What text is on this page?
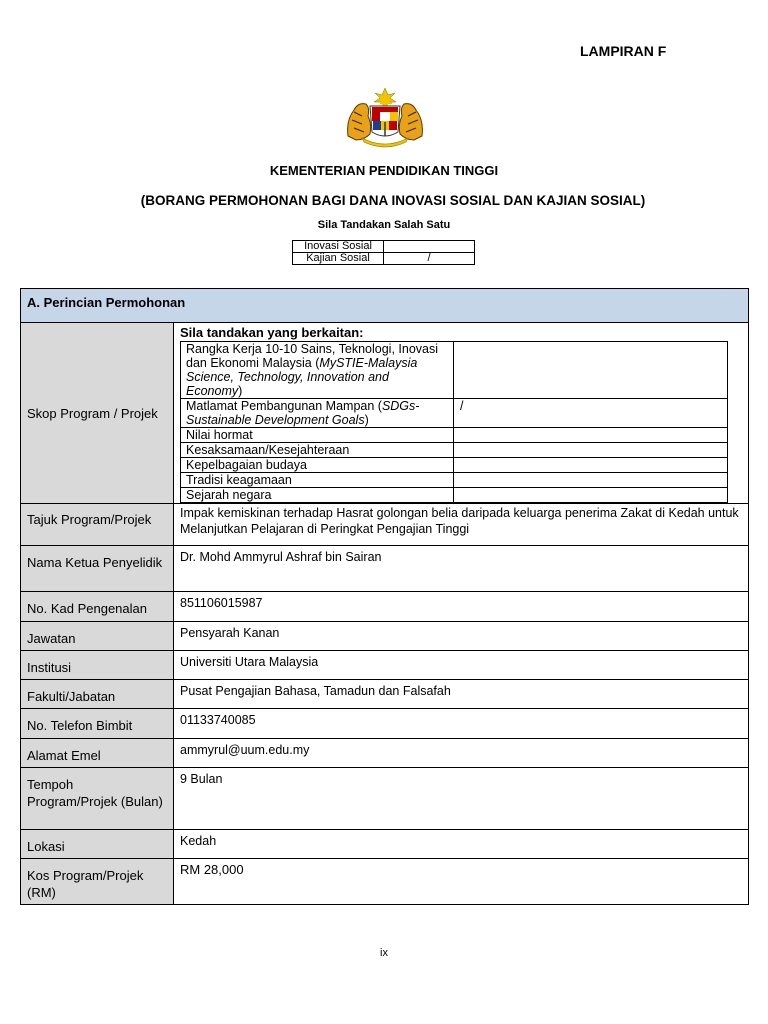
LAMPIRAN F
KEMENTERIAN PENDIDIKAN TINGGI
(BORANG PERMOHONAN BAGI DANA INOVASI SOSIAL DAN KAJIAN SOSIAL)
Sila Tandakan Salah Satu
Inovasi Sosial	
Kajian Sosial	/
A. Perincian Permohonan
Skop Program / Projek	
Sila tandakan yang berkaitan:
Rangka Kerja 10-10 Sains, Teknologi, Inovasi dan Ekonomi Malaysia (MySTIE-Malaysia Science, Technology, Innovation and Economy)	
Matlamat Pembangunan Mampan (SDGs-Sustainable Development Goals)	/
Nilai hormat	
Kesaksamaan/Kesejahteraan	
Kepelbagaian budaya	
Tradisi keagamaan	
Sejarah negara	

Tajuk Program/Projek	Impak kemiskinan terhadap Hasrat golongan belia daripada keluarga penerima Zakat di Kedah untuk Melanjutkan Pelajaran di Peringkat Pengajian Tinggi
Nama Ketua Penyelidik	Dr. Mohd Ammyrul Ashraf bin Sairan
No. Kad Pengenalan	851106015987
Jawatan	Pensyarah Kanan
Institusi	Universiti Utara Malaysia
Fakulti/Jabatan	Pusat Pengajian Bahasa, Tamadun dan Falsafah
No. Telefon Bimbit	01133740085
Alamat Emel	ammyrul@uum.edu.my
Tempoh Program/Projek (Bulan)	9 Bulan
Lokasi	Kedah
Kos Program/Projek (RM)	RM 28,000
ix
